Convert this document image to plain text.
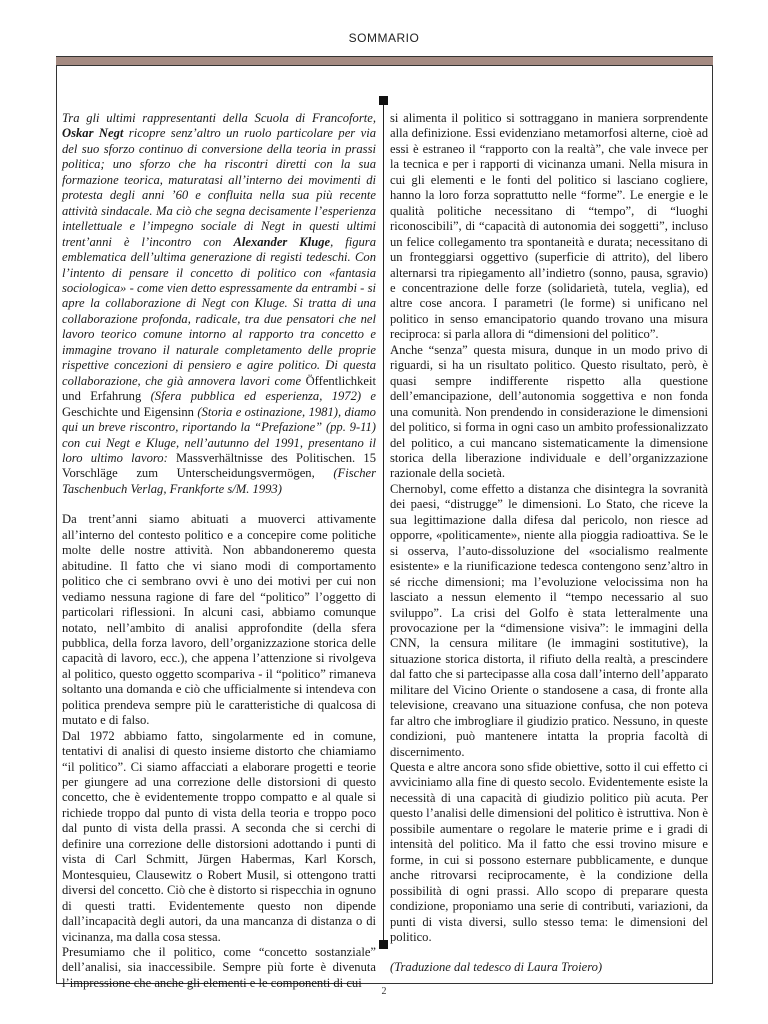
SOMMARIO

Tra gli ultimi rappresentanti della Scuola di Francoforte, Oskar Negt ricopre senz’altro un ruolo particolare per via del suo sforzo continuo di conversione della teoria in prassi politica; uno sforzo che ha riscontri diretti con la sua formazione teorica, maturatasi all’interno dei movimenti di protesta degli anni ’60 e confluita nella sua più recente attività sindacale. Ma ciò che segna decisamente l’esperienza intellettuale e l’impegno sociale di Negt in questi ultimi trent’anni è l’incontro con Alexander Kluge, figura emblematica dell’ultima generazione di registi tedeschi. Con l’intento di pensare il concetto di politico con «fantasia sociologica» - come vien detto espressamente da entrambi - si apre la collaborazione di Negt con Kluge. Si tratta di una collaborazione profonda, radicale, tra due pensatori che nel lavoro teorico comune intorno al rapporto tra concetto e immagine trovano il naturale completamento delle proprie rispettive concezioni di pensiero e agire politico. Di questa collaborazione, che già annovera lavori come Öffentlichkeit und Erfahrung (Sfera pubblica ed esperienza, 1972) e Geschichte und Eigensinn (Storia e ostinazione, 1981), diamo qui un breve riscontro, riportando la “Prefazione” (pp. 9-11) con cui Negt e Kluge, nell’autunno del 1991, presentano il loro ultimo lavoro: Massverhältnisse des Politischen. 15 Vorschläge zum Unterscheidungsvermögen, (Fischer Taschenbuch Verlag, Frankforte s/M. 1993)

Da trent’anni siamo abituati a muoverci attivamente all’interno del contesto politico e a concepire come politiche molte delle nostre attività. Non abbandoneremo questa abitudine. Il fatto che vi siano modi di comportamento politico che ci sembrano ovvi è uno dei motivi per cui non vediamo nessuna ragione di fare del “politico” l’oggetto di particolari riflessioni. In alcuni casi, abbiamo comunque notato, nell’ambito di analisi approfondite (della sfera pubblica, della forza lavoro, dell’organizzazione storica delle capacità di lavoro, ecc.), che appena l’attenzione si rivolgeva al politico, questo oggetto scompariva - il “politico” rimaneva soltanto una domanda e ciò che ufficialmente si intendeva con politica prendeva sempre più le caratteristiche di qualcosa di mutato e di falso.

Dal 1972 abbiamo fatto, singolarmente ed in comune, tentativi di analisi di questo insieme distorto che chiamiamo “il politico”. Ci siamo affacciati a elaborare progetti e teorie per giungere ad una correzione delle distorsioni di questo concetto, che è evidentemente troppo compatto e al quale si richiede troppo dal punto di vista della teoria e troppo poco dal punto di vista della prassi. A seconda che si cerchi di definire una correzione delle distorsioni adottando i punti di vista di Carl Schmitt, Jürgen Habermas, Karl Korsch, Montesquieu, Clausewitz o Robert Musil, si ottengono tratti diversi del concetto. Ciò che è distorto si rispecchia in ognuno di questi tratti. Evidentemente questo non dipende dall’incapacità degli autori, da una mancanza di distanza o di vicinanza, ma dalla cosa stessa.

Presumiamo che il politico, come “concetto sostanziale” dell’analisi, sia inaccessibile. Sempre più forte è divenuta l’impressione che anche gli elementi e le componenti di cui

si alimenta il politico si sottraggano in maniera sorprendente alla definizione. Essi evidenziano metamorfosi alterne, cioè ad essi è estraneo il “rapporto con la realtà”, che vale invece per la tecnica e per i rapporti di vicinanza umani. Nella misura in cui gli elementi e le fonti del politico si lasciano cogliere, hanno la loro forza soprattutto nelle “forme”. Le energie e le qualità politiche necessitano di “tempo”, di “luoghi riconoscibili”, di “capacità di autonomia dei soggetti”, incluso un felice collegamento tra spontaneità e durata; necessitano di un fronteggiarsi oggettivo (superficie di attrito), del libero alternarsi tra ripiegamento all’indietro (sonno, pausa, sgravio) e concentrazione delle forze (solidarietà, tutela, veglia), ed altre cose ancora. I parametri (le forme) si unificano nel politico in senso emancipatorio quando trovano una misura reciproca: si parla allora di “dimensioni del politico”.

Anche “senza” questa misura, dunque in un modo privo di riguardi, si ha un risultato politico. Questo risultato, però, è quasi sempre indifferente rispetto alla questione dell’emancipazione, dell’autonomia soggettiva e non fonda una comunità. Non prendendo in considerazione le dimensioni del politico, si forma in ogni caso un ambito professionalizzato del politico, a cui mancano sistematicamente la dimensione storica della liberazione individuale e dell’organizzazione razionale della società.

Chernobyl, come effetto a distanza che disintegra la sovranità dei paesi, “distrugge” le dimensioni. Lo Stato, che riceve la sua legittimazione dalla difesa dal pericolo, non riesce ad opporre, «politicamente», niente alla pioggia radioattiva. Se le si osserva, l’auto-dissoluzione del «socialismo realmente esistente» e la riunificazione tedesca contengono senz’altro in sé ricche dimensioni; ma l’evoluzione velocissima non ha lasciato a nessun elemento il “tempo necessario al suo sviluppo”. La crisi del Golfo è stata letteralmente una provocazione per la “dimensione visiva”: le immagini della CNN, la censura militare (le immagini sostitutive), la situazione storica distorta, il rifiuto della realtà, a prescindere dal fatto che si partecipasse alla cosa dall’interno dell’apparato militare del Vicino Oriente o standosene a casa, di fronte alla televisione, creavano una situazione confusa, che non poteva far altro che imbrogliare il giudizio pratico. Nessuno, in queste condizioni, può mantenere intatta la propria facoltà di discernimento.

Questa e altre ancora sono sfide obiettive, sotto il cui effetto ci avviciniamo alla fine di questo secolo. Evidentemente esiste la necessità di una capacità di giudizio politico più acuta. Per questo l’analisi delle dimensioni del politico è istruttiva. Non è possibile aumentare o regolare le materie prime e i gradi di intensità del politico. Ma il fatto che essi trovino misure e forme, in cui si possono esternare pubblicamente, e dunque anche ritrovarsi reciprocamente, è la condizione della possibilità di ogni prassi. Allo scopo di preparare questa condizione, proponiamo una serie di contributi, variazioni, da punti di vista diversi, sullo stesso tema: le dimensioni del politico.

(Traduzione dal tedesco di Laura Troiero)

2
